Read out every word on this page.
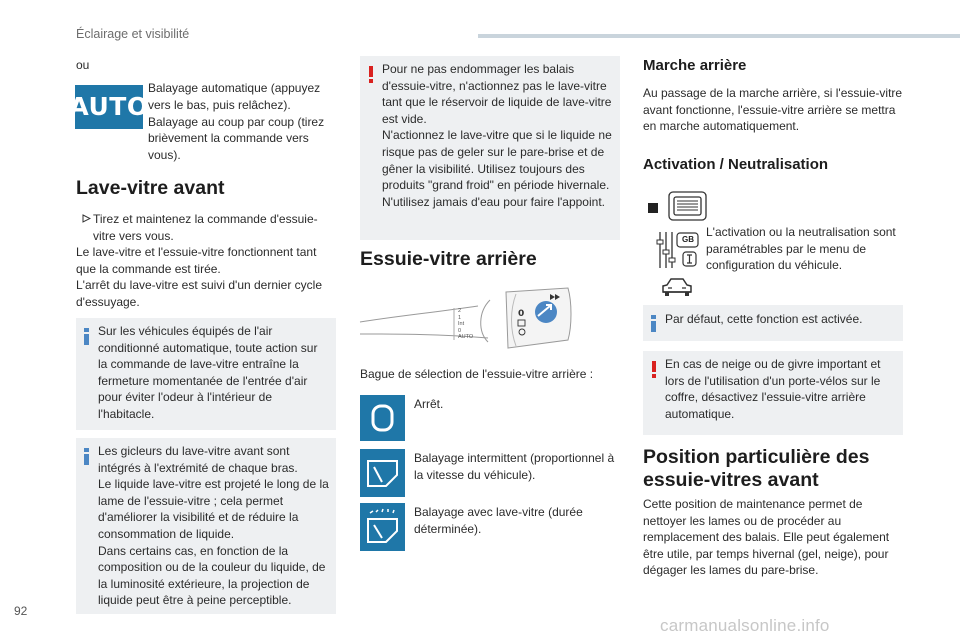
Éclairage et visibilité
ou
AUTO

Balayage automatique (appuyez vers le bas, puis relâchez).
Balayage au coup par coup (tirez brièvement la commande vers vous).

Lave-vitre avant

Tirez et maintenez la commande d'essuie-vitre vers vous.

Le lave-vitre et l'essuie-vitre fonctionnent tant que la commande est tirée.
L'arrêt du lave-vitre est suivi d'un dernier cycle d'essuyage.

Sur les véhicules équipés de l'air conditionné automatique, toute action sur la commande de lave-vitre entraîne la fermeture momentanée de l'entrée d'air pour éviter l'odeur à l'intérieur de l'habitacle.

Les gicleurs du lave-vitre avant sont intégrés à l'extrémité de chaque bras.
Le liquide lave-vitre est projeté le long de la lame de l'essuie-vitre ; cela permet d'améliorer la visibilité et de réduire la consommation de liquide.
Dans certains cas, en fonction de la composition ou de la couleur du liquide, de la luminosité extérieure, la projection de liquide peut être à peine perceptible.

Pour ne pas endommager les balais d'essuie-vitre, n'actionnez pas le lave-vitre tant que le réservoir de liquide de lave-vitre est vide.
N'actionnez le lave-vitre que si le liquide ne risque pas de geler sur le pare-brise et de gêner la visibilité. Utilisez toujours des produits "grand froid" en période hivernale.
N'utilisez jamais d'eau pour faire l'appoint.

Essuie-vitre arrière
0
2
1
Int
0
AUTO

Bague de sélection de l'essuie-vitre arrière :

Arrêt.

Balayage intermittent (proportionnel à la vitesse du véhicule).

Balayage avec lave-vitre (durée déterminée).

Marche arrière

Au passage de la marche arrière, si l'essuie-vitre avant fonctionne, l'essuie-vitre arrière se mettra en marche automatiquement.

Activation / Neutralisation
GB

L'activation ou la neutralisation sont paramétrables par le menu de configuration du véhicule.

Par défaut, cette fonction est activée.

En cas de neige ou de givre important et lors de l'utilisation d'un porte-vélos sur le coffre, désactivez l'essuie-vitre arrière automatique.

Position particulière des essuie-vitres avant

Cette position de maintenance permet de nettoyer les lames ou de procéder au remplacement des balais. Elle peut également être utile, par temps hivernal (gel, neige), pour dégager les lames du pare-brise.

92
carmanualsonline.info
